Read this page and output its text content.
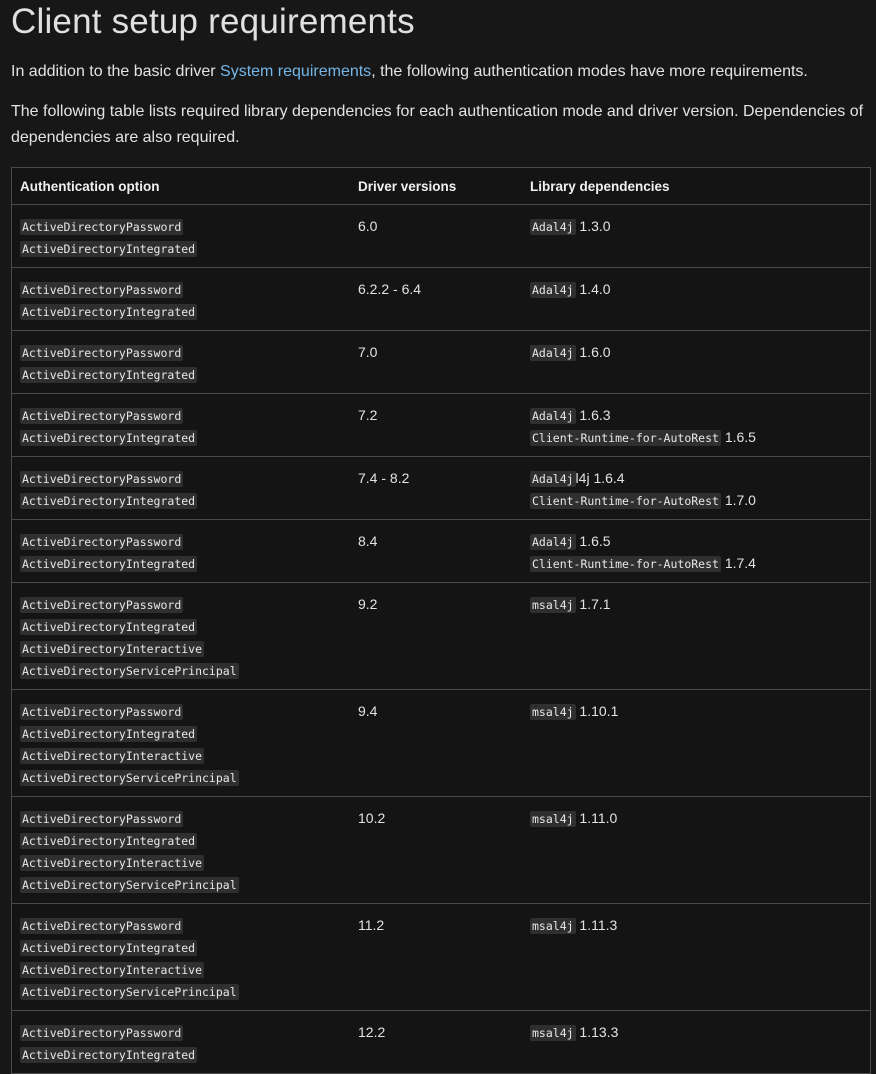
Client setup requirements

In addition to the basic driver System requirements, the following authentication modes have more requirements.

The following table lists required library dependencies for each authentication mode and driver version. Dependencies of dependencies are also required.

Authentication option	Driver versions	Library dependencies

ActiveDirectoryPassword
ActiveDirectoryIntegrated	6.0	Adal4j 1.3.0

ActiveDirectoryPassword
ActiveDirectoryIntegrated	6.2.2 - 6.4	Adal4j 1.4.0

ActiveDirectoryPassword
ActiveDirectoryIntegrated	7.0	Adal4j 1.6.0

ActiveDirectoryPassword
ActiveDirectoryIntegrated	7.2	Adal4j 1.6.3
Client-Runtime-for-AutoRest 1.6.5

ActiveDirectoryPassword
ActiveDirectoryIntegrated	7.4 - 8.2	Adal4j l4j 1.6.4
Client-Runtime-for-AutoRest 1.7.0

ActiveDirectoryPassword
ActiveDirectoryIntegrated	8.4	Adal4j 1.6.5
Client-Runtime-for-AutoRest 1.7.4

ActiveDirectoryPassword
ActiveDirectoryIntegrated
ActiveDirectoryInteractive
ActiveDirectoryServicePrincipal	9.2	msal4j 1.7.1

ActiveDirectoryPassword
ActiveDirectoryIntegrated
ActiveDirectoryInteractive
ActiveDirectoryServicePrincipal	9.4	msal4j 1.10.1

ActiveDirectoryPassword
ActiveDirectoryIntegrated
ActiveDirectoryInteractive
ActiveDirectoryServicePrincipal	10.2	msal4j 1.11.0

ActiveDirectoryPassword
ActiveDirectoryIntegrated
ActiveDirectoryInteractive
ActiveDirectoryServicePrincipal	11.2	msal4j 1.11.3

ActiveDirectoryPassword
ActiveDirectoryIntegrated	12.2	msal4j 1.13.3
